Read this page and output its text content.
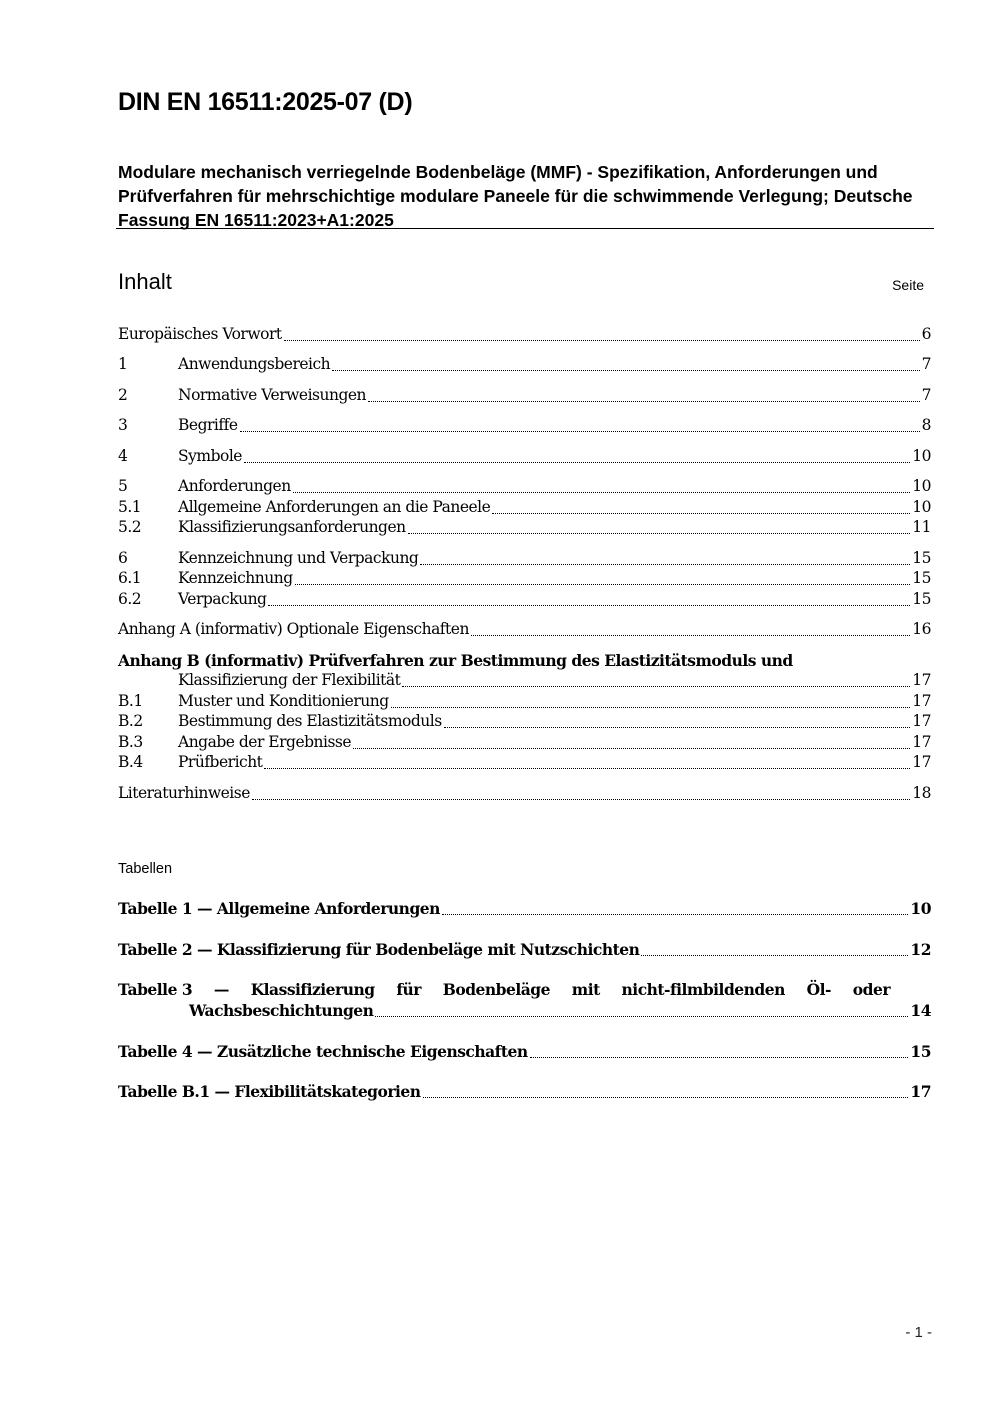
DIN EN 16511:2025-07 (D)
Modulare mechanisch verriegelnde Bodenbeläge (MMF) - Spezifikation, Anforderungen und Prüfverfahren für mehrschichtige modulare Paneele für die schwimmende Verlegung; Deutsche Fassung EN 16511:2023+A1:2025
Inhalt	Seite
Europäisches Vorwort	6
1	Anwendungsbereich	7
2	Normative Verweisungen	7
3	Begriffe	8
4	Symbole	10
5	Anforderungen	10
5.1	Allgemeine Anforderungen an die Paneele	10
5.2	Klassifizierungsanforderungen	11
6	Kennzeichnung und Verpackung	15
6.1	Kennzeichnung	15
6.2	Verpackung	15
Anhang A (informativ) Optionale Eigenschaften	16
Anhang B (informativ) Prüfverfahren zur Bestimmung des Elastizitätsmoduls und
Klassifizierung der Flexibilität	17
B.1	Muster und Konditionierung	17
B.2	Bestimmung des Elastizitätsmoduls	17
B.3	Angabe der Ergebnisse	17
B.4	Prüfbericht	17
Literaturhinweise	18
Tabellen
Tabelle 1 — Allgemeine Anforderungen	10
Tabelle 2 — Klassifizierung für Bodenbeläge mit Nutzschichten	12
Tabelle 3 — Klassifizierung für Bodenbeläge mit nicht-filmbildenden Öl- oder
Wachsbeschichtungen	14
Tabelle 4 — Zusätzliche technische Eigenschaften	15
Tabelle B.1 — Flexibilitätskategorien	17
- 1 -
